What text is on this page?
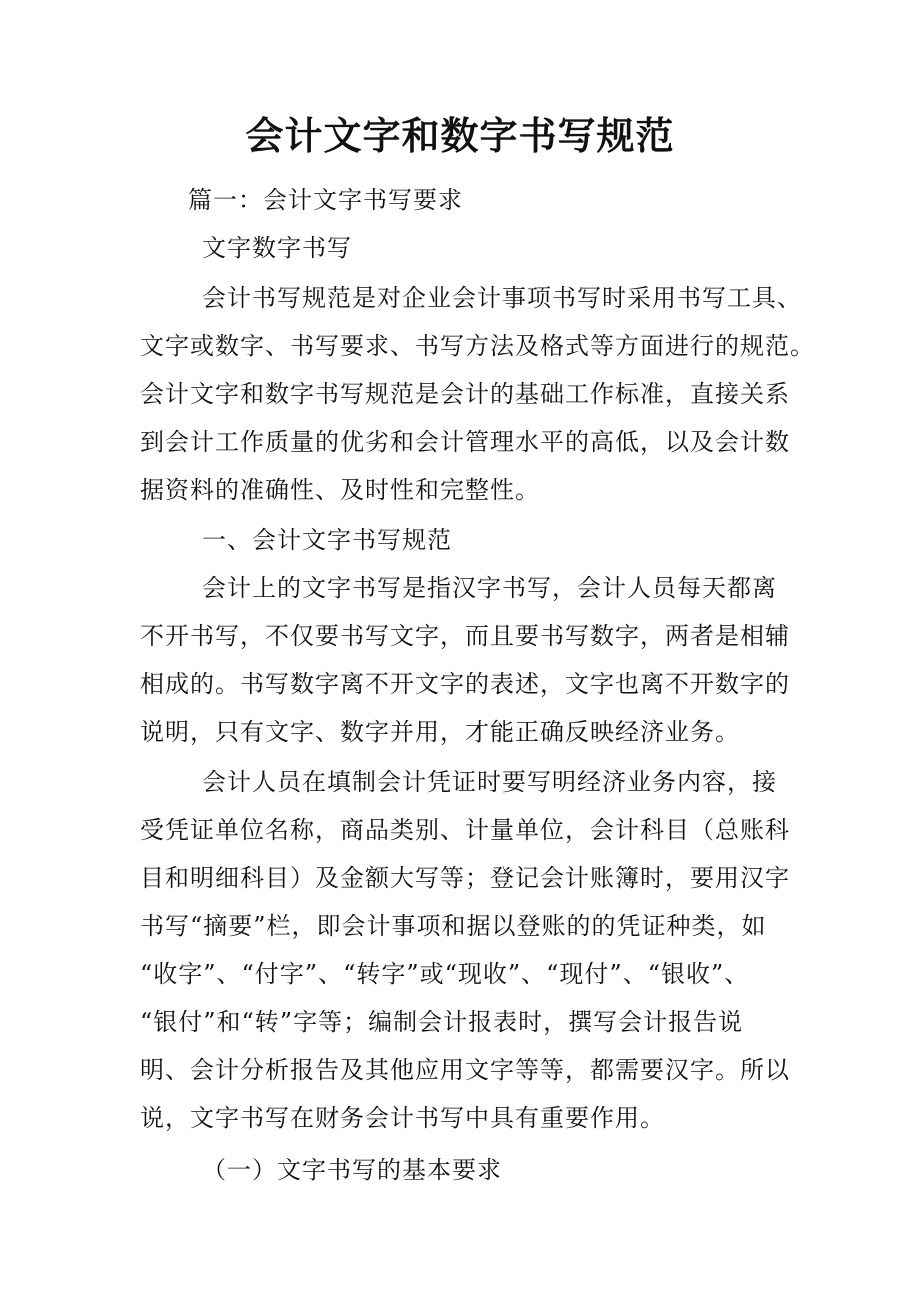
会计文字和数字书写规范
篇一：会计文字书写要求
文字数字书写
会计书写规范是对企业会计事项书写时采用书写工具、
文字或数字、书写要求、书写方法及格式等方面进行的规范。
会计文字和数字书写规范是会计的基础工作标准，直接关系
到会计工作质量的优劣和会计管理水平的高低，以及会计数
据资料的准确性、及时性和完整性。
一、会计文字书写规范
会计上的文字书写是指汉字书写，会计人员每天都离
不开书写，不仅要书写文字，而且要书写数字，两者是相辅
相成的。书写数字离不开文字的表述，文字也离不开数字的
说明，只有文字、数字并用，才能正确反映经济业务。
会计人员在填制会计凭证时要写明经济业务内容，接
受凭证单位名称，商品类别、计量单位，会计科目（总账科
目和明细科目）及金额大写等；登记会计账簿时，要用汉字
书写“摘要”栏，即会计事项和据以登账的的凭证种类，如
“收字”、“付字”、“转字”或“现收”、“现付”、“银收”、
“银付”和“转”字等；编制会计报表时，撰写会计报告说
明、会计分析报告及其他应用文字等等，都需要汉字。所以
说，文字书写在财务会计书写中具有重要作用。
（一）文字书写的基本要求
